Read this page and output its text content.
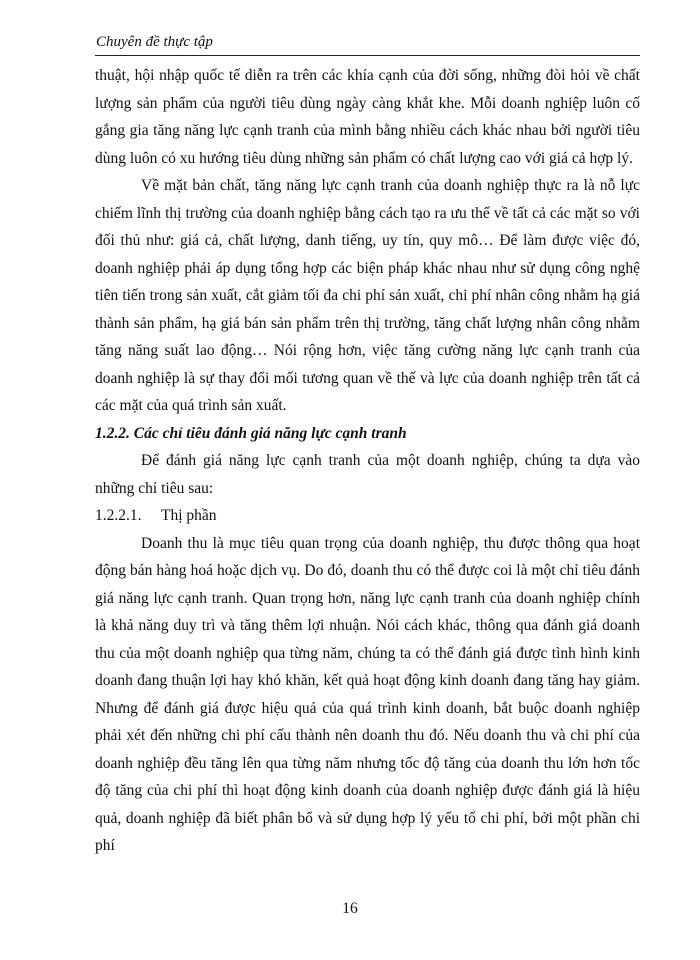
Chuyên đề thực tập

thuật, hội nhập quốc tế diễn ra trên các khía cạnh của đời sống, những đòi hỏi về chất lượng sản phẩm của người tiêu dùng ngày càng khắt khe. Mỗi doanh nghiệp luôn cố gắng gia tăng năng lực cạnh tranh của mình bằng nhiều cách khác nhau bởi người tiêu dùng luôn có xu hướng tiêu dùng những sản phẩm có chất lượng cao với giá cả hợp lý.

Về mặt bản chất, tăng năng lực cạnh tranh của doanh nghiệp thực ra là nỗ lực chiếm lĩnh thị trường của doanh nghiệp bằng cách tạo ra ưu thế về tất cả các mặt so với đối thủ như: giá cả, chất lượng, danh tiếng, uy tín, quy mô… Để làm được việc đó, doanh nghiệp phải áp dụng tổng hợp các biện pháp khác nhau như sử dụng công nghệ tiên tiến trong sản xuất, cắt giảm tối đa chi phí sản xuất, chi phí nhân công nhằm hạ giá thành sản phẩm, hạ giá bán sản phẩm trên thị trường, tăng chất lượng nhân công nhằm tăng năng suất lao động… Nói rộng hơn, việc tăng cường năng lực cạnh tranh của doanh nghiệp là sự thay đổi mối tương quan về thế và lực của doanh nghiệp trên tất cả các mặt của quá trình sản xuất.

1.2.2. Các chỉ tiêu đánh giá năng lực cạnh tranh

Để đánh giá năng lực cạnh tranh của một doanh nghiệp, chúng ta dựa vào những chỉ tiêu sau:

1.2.2.1. Thị phần

Doanh thu là mục tiêu quan trọng của doanh nghiệp, thu được thông qua hoạt động bán hàng hoá hoặc dịch vụ. Do đó, doanh thu có thể được coi là một chỉ tiêu đánh giá năng lực cạnh tranh. Quan trọng hơn, năng lực cạnh tranh của doanh nghiệp chính là khả năng duy trì và tăng thêm lợi nhuận. Nói cách khác, thông qua đánh giá doanh thu của một doanh nghiệp qua từng năm, chúng ta có thể đánh giá được tình hình kinh doanh đang thuận lợi hay khó khăn, kết quả hoạt động kinh doanh đang tăng hay giảm. Nhưng để đánh giá được hiệu quả của quá trình kinh doanh, bắt buộc doanh nghiệp phải xét đến những chi phí cấu thành nên doanh thu đó. Nếu doanh thu và chi phí của doanh nghiệp đều tăng lên qua từng năm nhưng tốc độ tăng của doanh thu lớn hơn tốc độ tăng của chi phí thì hoạt động kinh doanh của doanh nghiệp được đánh giá là hiệu quả, doanh nghiệp đã biết phân bổ và sử dụng hợp lý yếu tố chi phí, bởi một phần chi phí

16
